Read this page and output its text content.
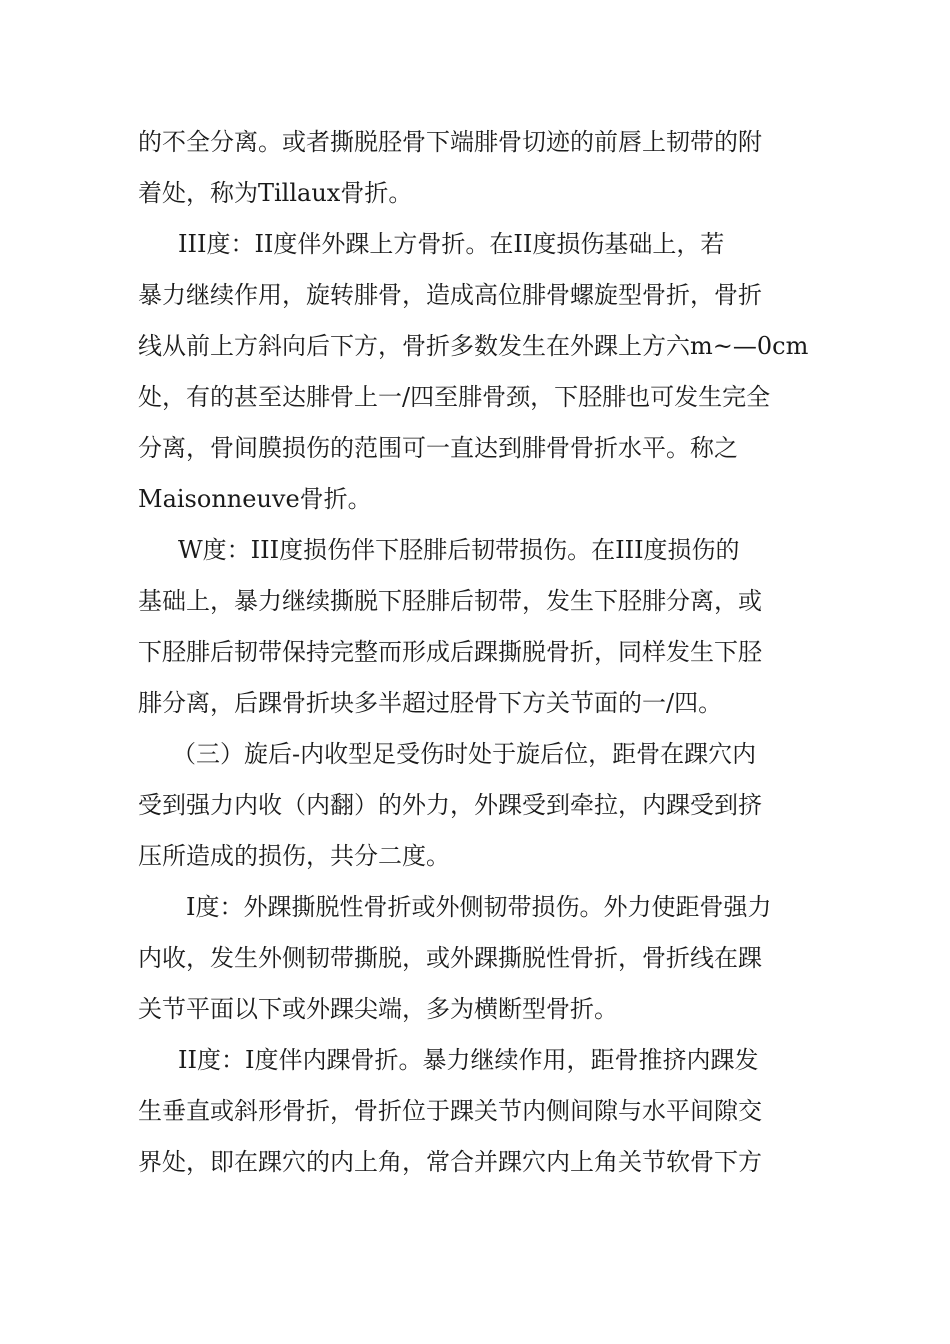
的不全分离。或者撕脱胫骨下端腓骨切迹的前唇上韧带的附
着处，称为Tillaux骨折。
III度：II度伴外踝上方骨折。在II度损伤基础上，若
暴力继续作用，旋转腓骨，造成高位腓骨螺旋型骨折，骨折
线从前上方斜向后下方，骨折多数发生在外踝上方六m~—0cm
处，有的甚至达腓骨上一/四至腓骨颈，下胫腓也可发生完全
分离，骨间膜损伤的范围可一直达到腓骨骨折水平。称之
Maisonneuve骨折。
W度：III度损伤伴下胫腓后韧带损伤。在III度损伤的
基础上，暴力继续撕脱下胫腓后韧带，发生下胫腓分离，或
下胫腓后韧带保持完整而形成后踝撕脱骨折，同样发生下胫
腓分离，后踝骨折块多半超过胫骨下方关节面的一/四。
（三）旋后-内收型足受伤时处于旋后位，距骨在踝穴内
受到强力内收（内翻）的外力，外踝受到牵拉，内踝受到挤
压所造成的损伤，共分二度。
I度：外踝撕脱性骨折或外侧韧带损伤。外力使距骨强力
内收，发生外侧韧带撕脱，或外踝撕脱性骨折，骨折线在踝
关节平面以下或外踝尖端，多为横断型骨折。
II度：I度伴内踝骨折。暴力继续作用，距骨推挤内踝发
生垂直或斜形骨折，骨折位于踝关节内侧间隙与水平间隙交
界处，即在踝穴的内上角，常合并踝穴内上角关节软骨下方
